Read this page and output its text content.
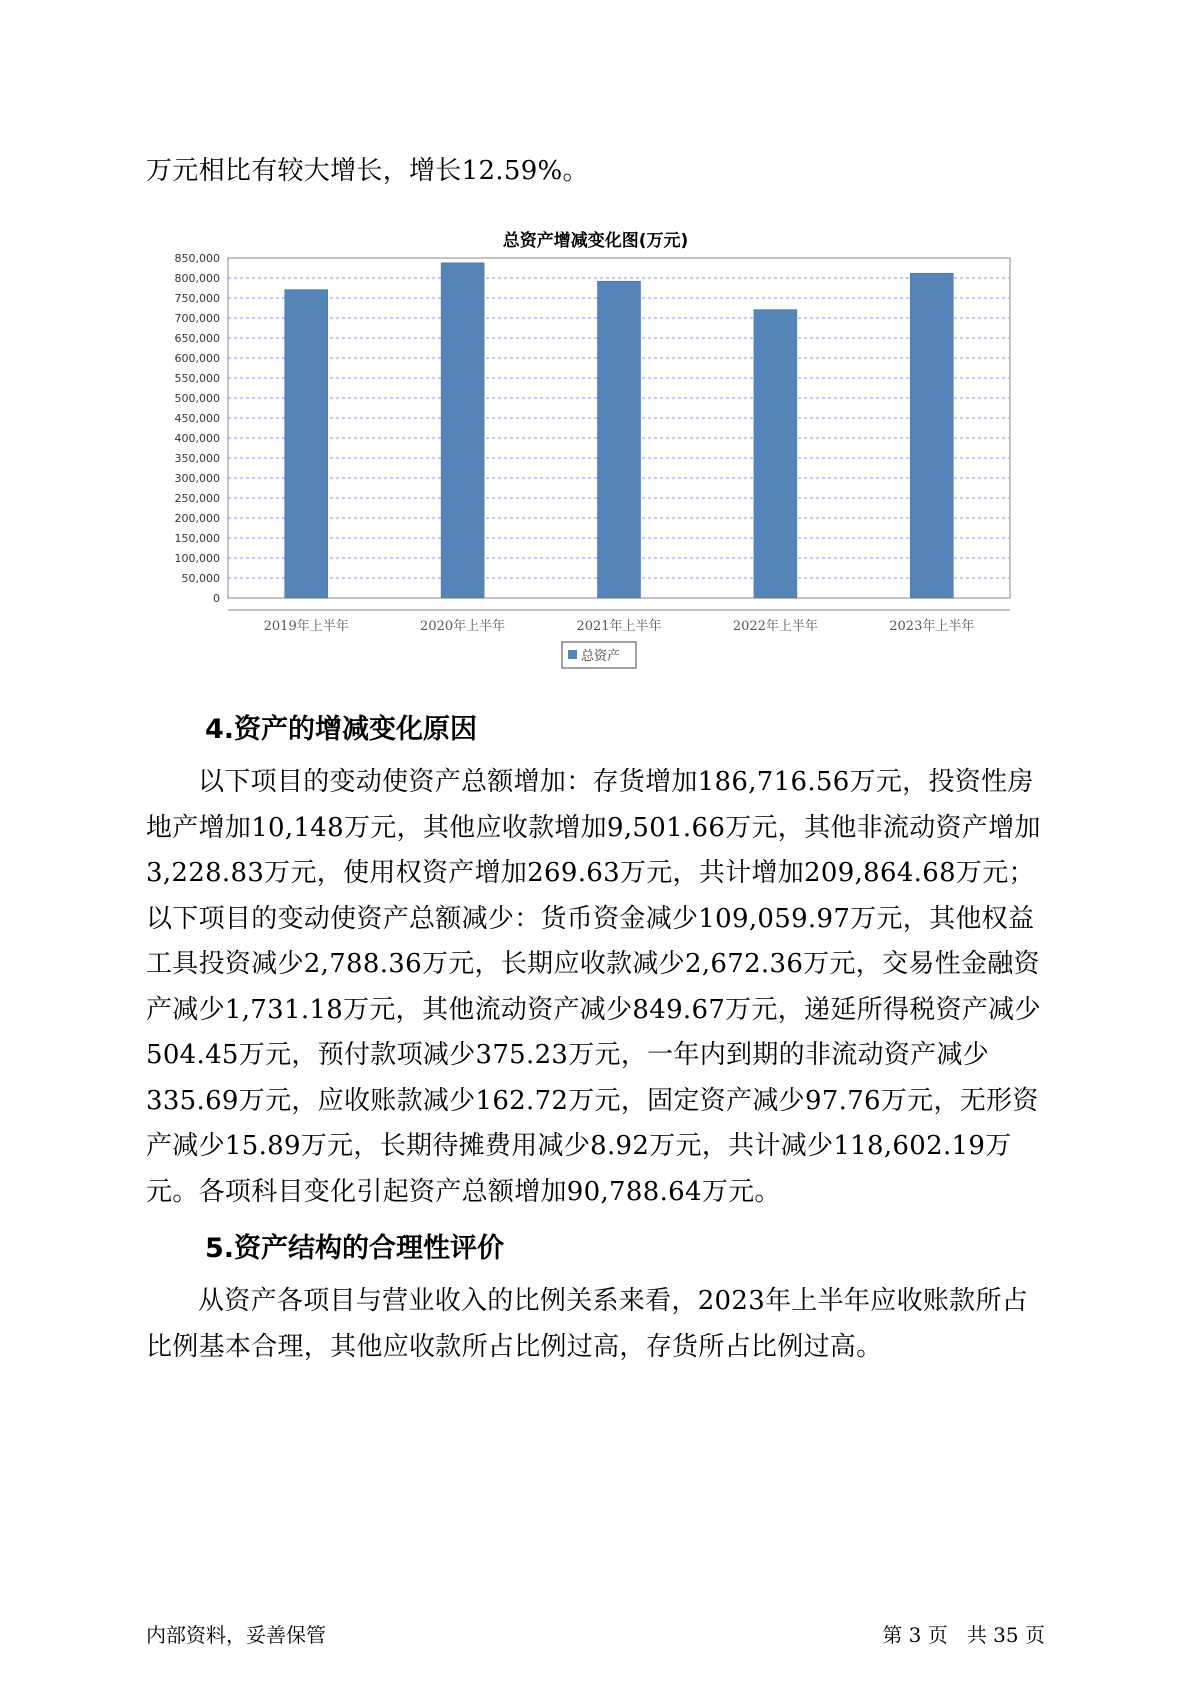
万元相比有较大增长，增长12.59%。

总资产增减变化图(万元)
0
50,000
100,000
150,000
200,000
250,000
300,000
350,000
400,000
450,000
500,000
550,000
600,000
650,000
700,000
750,000
800,000
850,000
2019年上半年	2020年上半年	2021年上半年	2022年上半年	2023年上半年
总资产
4.资产的增减变化原因

以下项目的变动使资产总额增加：存货增加186,716.56万元，投资性房地产增加10,148万元，其他应收款增加9,501.66万元，其他非流动资产增加3,228.83万元，使用权资产增加269.63万元，共计增加209,864.68万元；以下项目的变动使资产总额减少：货币资金减少109,059.97万元，其他权益工具投资减少2,788.36万元，长期应收款减少2,672.36万元，交易性金融资产减少1,731.18万元，其他流动资产减少849.67万元，递延所得税资产减少504.45万元，预付款项减少375.23万元，一年内到期的非流动资产减少335.69万元，应收账款减少162.72万元，固定资产减少97.76万元，无形资产减少15.89万元，长期待摊费用减少8.92万元，共计减少118,602.19万元。各项科目变化引起资产总额增加90,788.64万元。

5.资产结构的合理性评价

从资产各项目与营业收入的比例关系来看，2023年上半年应收账款所占比例基本合理，其他应收款所占比例过高，存货所占比例过高。

内部资料，妥善保管	第 3 页   共 35 页
